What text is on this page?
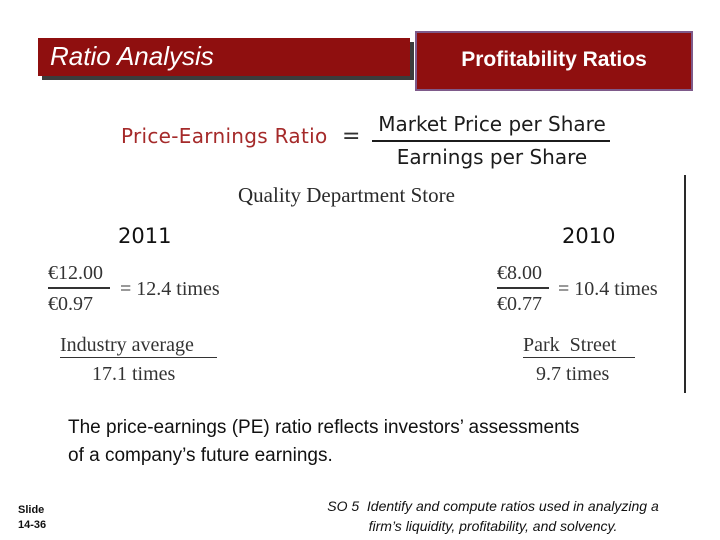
Ratio Analysis	Profitability Ratios
Price-Earnings Ratio = Market Price per Share
Earnings per Share
Quality Department Store
2011
€12.00
€0.97
= 12.4 times
2010
€8.00
€0.77
= 10.4 times
Industry average
17.1 times
Park  Street
9.7 times
The price-earnings (PE) ratio reflects investors’ assessments
of a company’s future earnings.
Slide
14-36
SO 5  Identify and compute ratios used in analyzing a
firm’s liquidity, profitability, and solvency.
